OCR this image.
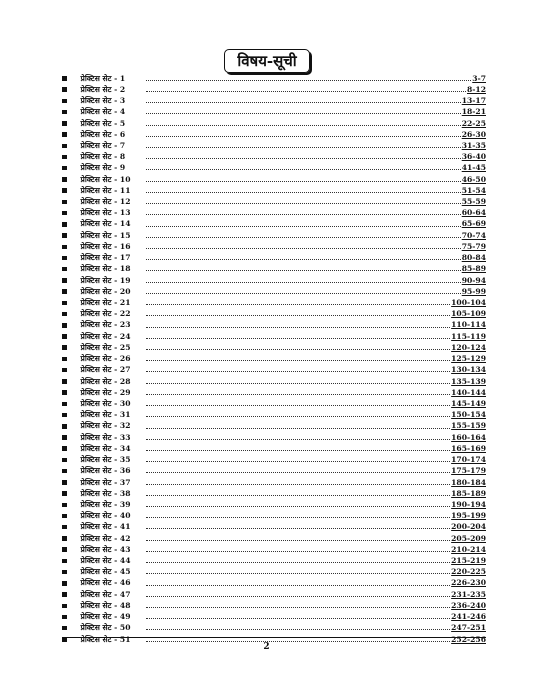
विषय-सूची
प्रेक्टिस सेट - 1	3-7
प्रेक्टिस सेट - 2	8-12
प्रेक्टिस सेट - 3	13-17
प्रेक्टिस सेट - 4	18-21
प्रेक्टिस सेट - 5	22-25
प्रेक्टिस सेट - 6	26-30
प्रेक्टिस सेट - 7	31-35
प्रेक्टिस सेट - 8	36-40
प्रेक्टिस सेट - 9	41-45
प्रेक्टिस सेट - 10	46-50
प्रेक्टिस सेट - 11	51-54
प्रेक्टिस सेट - 12	55-59
प्रेक्टिस सेट - 13	60-64
प्रेक्टिस सेट - 14	65-69
प्रेक्टिस सेट - 15	70-74
प्रेक्टिस सेट - 16	75-79
प्रेक्टिस सेट - 17	80-84
प्रेक्टिस सेट - 18	85-89
प्रेक्टिस सेट - 19	90-94
प्रेक्टिस सेट - 20	95-99
प्रेक्टिस सेट - 21	100-104
प्रेक्टिस सेट - 22	105-109
प्रेक्टिस सेट - 23	110-114
प्रेक्टिस सेट - 24	115-119
प्रेक्टिस सेट - 25	120-124
प्रेक्टिस सेट - 26	125-129
प्रेक्टिस सेट - 27	130-134
प्रेक्टिस सेट - 28	135-139
प्रेक्टिस सेट - 29	140-144
प्रेक्टिस सेट - 30	145-149
प्रेक्टिस सेट - 31	150-154
प्रेक्टिस सेट - 32	155-159
प्रेक्टिस सेट - 33	160-164
प्रेक्टिस सेट - 34	165-169
प्रेक्टिस सेट - 35	170-174
प्रेक्टिस सेट - 36	175-179
प्रेक्टिस सेट - 37	180-184
प्रेक्टिस सेट - 38	185-189
प्रेक्टिस सेट - 39	190-194
प्रेक्टिस सेट - 40	195-199
प्रेक्टिस सेट - 41	200-204
प्रेक्टिस सेट - 42	205-209
प्रेक्टिस सेट - 43	210-214
प्रेक्टिस सेट - 44	215-219
प्रेक्टिस सेट - 45	220-225
प्रेक्टिस सेट - 46	226-230
प्रेक्टिस सेट - 47	231-235
प्रेक्टिस सेट - 48	236-240
प्रेक्टिस सेट - 49	241-246
प्रेक्टिस सेट - 50	247-251
प्रेक्टिस सेट - 51	252-256
2
